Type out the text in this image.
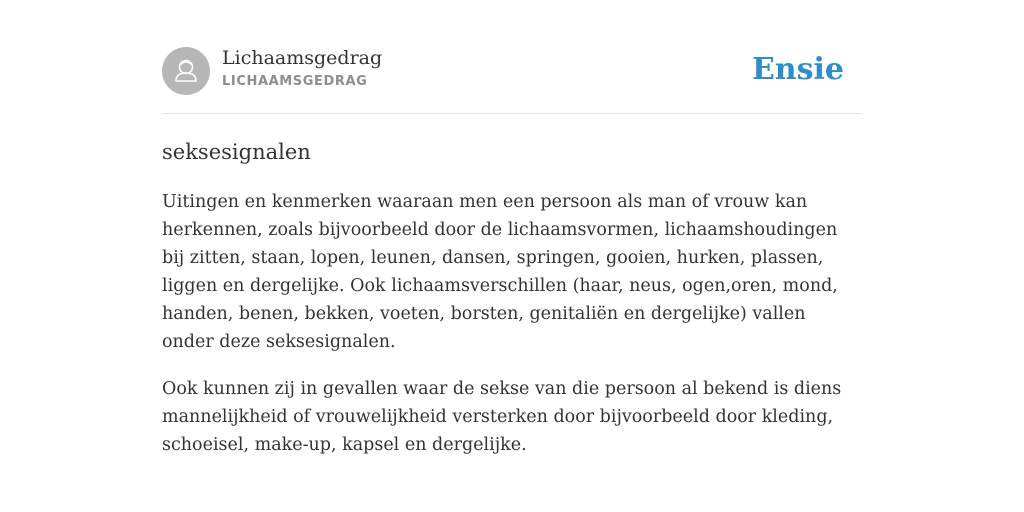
Lichaamsgedrag
LICHAAMSGEDRAG	Ensie
seksesignalen

Uitingen en kenmerken waaraan men een persoon als man of vrouw kan herkennen, zoals bijvoorbeeld door de lichaamsvormen, lichaamshoudingen bij zitten, staan, lopen, leunen, dansen, springen, gooien, hurken, plassen, liggen en dergelijke. Ook lichaamsverschillen (haar, neus, ogen,oren, mond, handen, benen, bekken, voeten, borsten, genitaliën en dergelijke) vallen onder deze seksesignalen.

Ook kunnen zij in gevallen waar de sekse van die persoon al bekend is diens mannelijkheid of vrouwelijkheid versterken door bijvoorbeeld door kleding, schoeisel, make-up, kapsel en dergelijke.
